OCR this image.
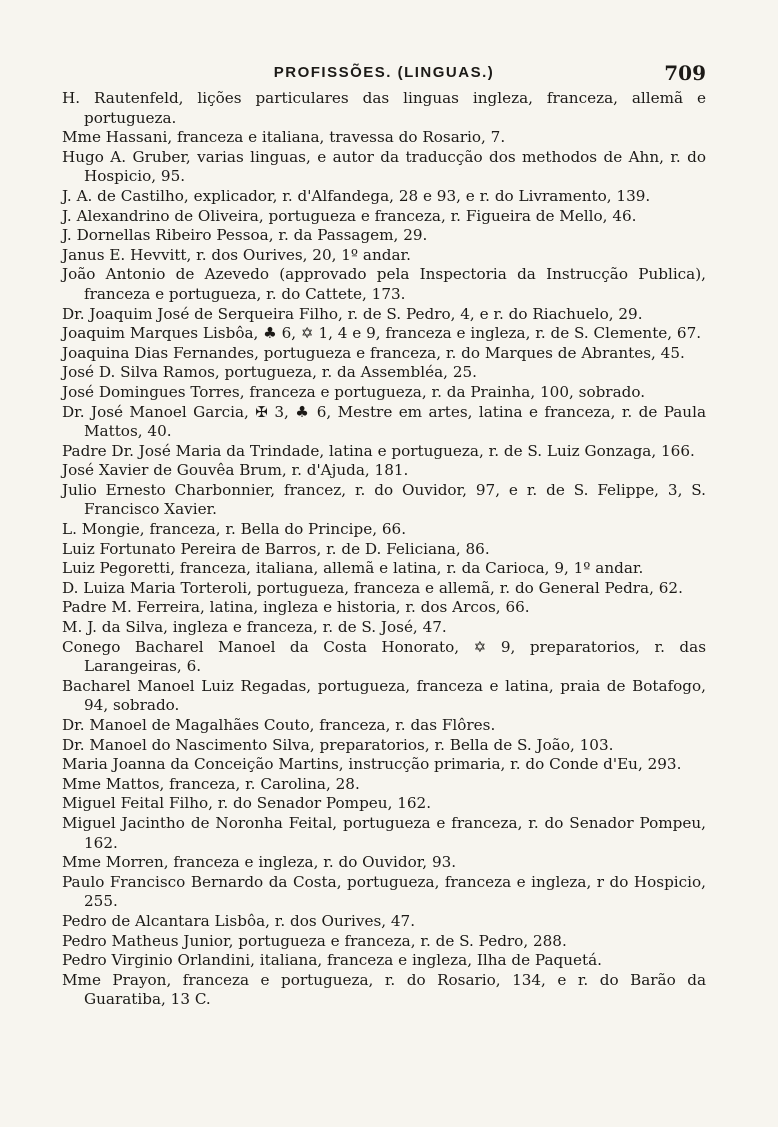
PROFISSÕES. (LINGUAS.)	709
H. Rautenfeld, lições particulares das linguas ingleza, franceza, allemã e portugueza.
Mme Hassani, franceza e italiana, travessa do Rosario, 7.
Hugo A. Gruber, varias linguas, e autor da traducção dos methodos de Ahn, r. do Hospicio, 95.
J. A. de Castilho, explicador, r. d'Alfandega, 28 e 93, e r. do Livramento, 139.
J. Alexandrino de Oliveira, portugueza e franceza, r. Figueira de Mello, 46.
J. Dornellas Ribeiro Pessoa, r. da Passagem, 29.
Janus E. Hevvitt, r. dos Ourives, 20, 1º andar.
João Antonio de Azevedo (approvado pela Inspectoria da Instrucção Publica), franceza e portugueza, r. do Cattete, 173.
Dr. Joaquim José de Serqueira Filho, r. de S. Pedro, 4, e r. do Riachuelo, 29.
Joaquim Marques Lisbôa, ♣ 6, ✡ 1, 4 e 9, franceza e ingleza, r. de S. Clemente, 67.
Joaquina Dias Fernandes, portugueza e franceza, r. do Marques de Abrantes, 45.
José D. Silva Ramos, portugueza, r. da Assembléa, 25.
José Domingues Torres, franceza e portugueza, r. da Prainha, 100, sobrado.
Dr. José Manoel Garcia, ✠ 3, ♣ 6, Mestre em artes, latina e franceza, r. de Paula Mattos, 40.
Padre Dr. José Maria da Trindade, latina e portugueza, r. de S. Luiz Gonzaga, 166.
José Xavier de Gouvêa Brum, r. d'Ajuda, 181.
Julio Ernesto Charbonnier, francez, r. do Ouvidor, 97, e r. de S. Felippe, 3, S. Francisco Xavier.
L. Mongie, franceza, r. Bella do Principe, 66.
Luiz Fortunato Pereira de Barros, r. de D. Feliciana, 86.
Luiz Pegoretti, franceza, italiana, allemã e latina, r. da Carioca, 9, 1º andar.
D. Luiza Maria Torteroli, portugueza, franceza e allemã, r. do General Pedra, 62.
Padre M. Ferreira, latina, ingleza e historia, r. dos Arcos, 66.
M. J. da Silva, ingleza e franceza, r. de S. José, 47.
Conego Bacharel Manoel da Costa Honorato, ✡ 9, preparatorios, r. das Larangeiras, 6.
Bacharel Manoel Luiz Regadas, portugueza, franceza e latina, praia de Botafogo, 94, sobrado.
Dr. Manoel de Magalhães Couto, franceza, r. das Flôres.
Dr. Manoel do Nascimento Silva, preparatorios, r. Bella de S. João, 103.
Maria Joanna da Conceição Martins, instrucção primaria, r. do Conde d'Eu, 293.
Mme Mattos, franceza, r. Carolina, 28.
Miguel Feital Filho, r. do Senador Pompeu, 162.
Miguel Jacintho de Noronha Feital, portugueza e franceza, r. do Senador Pompeu, 162.
Mme Morren, franceza e ingleza, r. do Ouvidor, 93.
Paulo Francisco Bernardo da Costa, portugueza, franceza e ingleza, r do Hospicio, 255.
Pedro de Alcantara Lisbôa, r. dos Ourives, 47.
Pedro Matheus Junior, portugueza e franceza, r. de S. Pedro, 288.
Pedro Virginio Orlandini, italiana, franceza e ingleza, Ilha de Paquetá.
Mme Prayon, franceza e portugueza, r. do Rosario, 134, e r. do Barão da Guaratiba, 13 C.
